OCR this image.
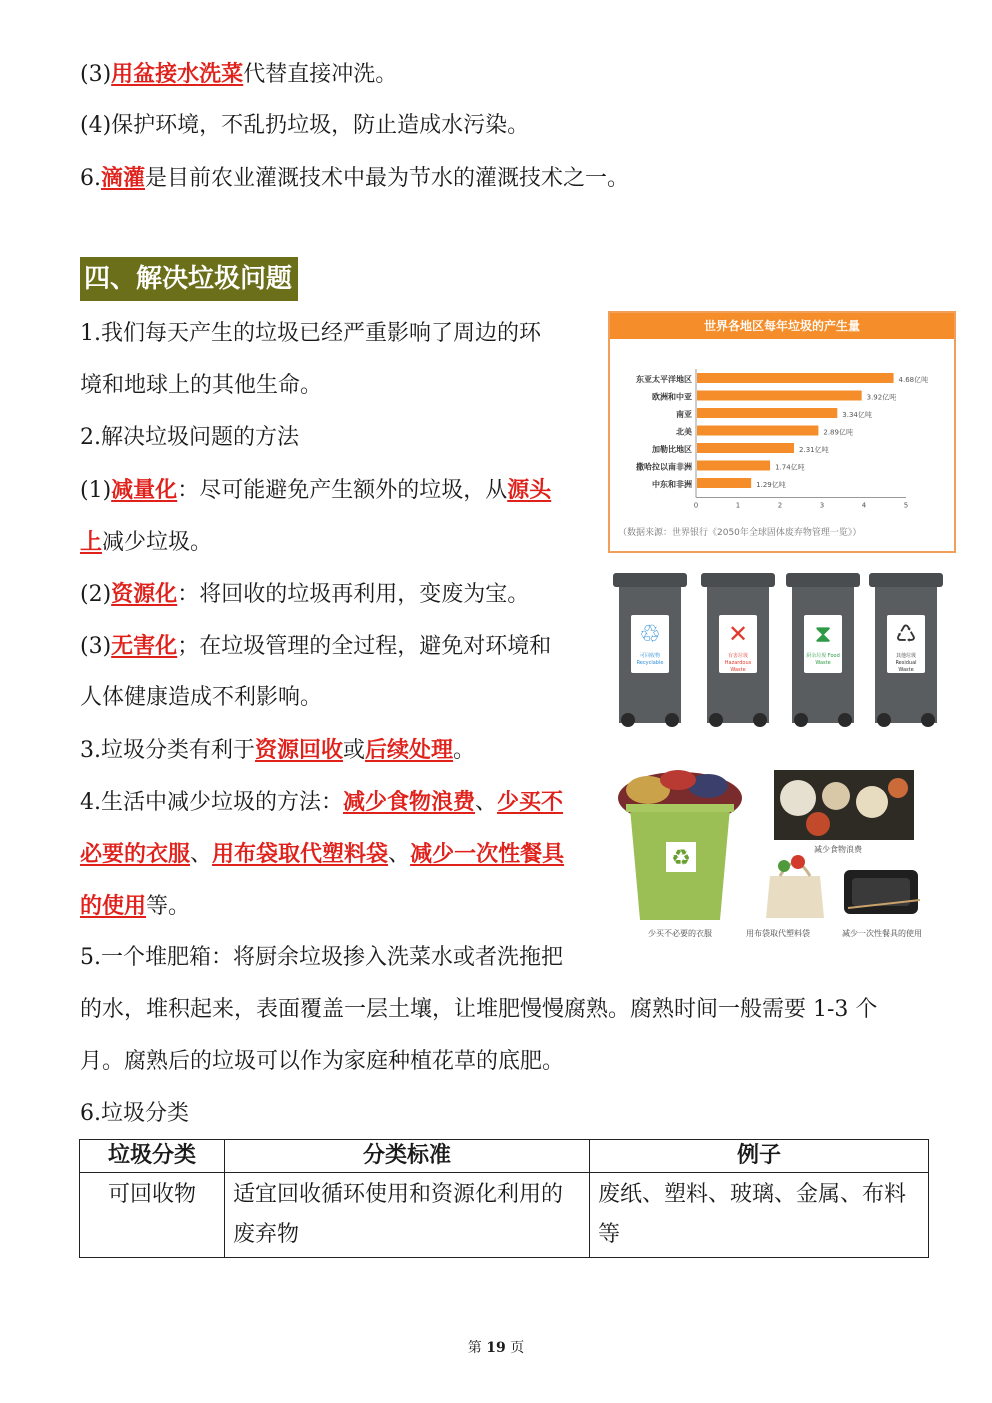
(3)用盆接水洗菜代替直接冲洗。
(4)保护环境，不乱扔垃圾，防止造成水污染。
6.滴灌是目前农业灌溉技术中最为节水的灌溉技术之一。
四、解决垃圾问题
1.我们每天产生的垃圾已经严重影响了周边的环
境和地球上的其他生命。
2.解决垃圾问题的方法
(1)减量化：尽可能避免产生额外的垃圾，从源头
上减少垃圾。
(2)资源化：将回收的垃圾再利用，变废为宝。
(3)无害化；在垃圾管理的全过程，避免对环境和
人体健康造成不利影响。
3.垃圾分类有利于资源回收或后续处理。
4.生活中减少垃圾的方法：减少食物浪费、少买不
必要的衣服、用布袋取代塑料袋、减少一次性餐具
的使用等。
5.一个堆肥箱：将厨余垃圾掺入洗菜水或者洗拖把
的水，堆积起来，表面覆盖一层土壤，让堆肥慢慢腐熟。腐熟时间一般需要 1-3 个
月。腐熟后的垃圾可以作为家庭种植花草的底肥。
6.垃圾分类
世界各地区每年垃圾的产生量
东亚太平洋地区	4.68亿吨
欧洲和中亚	3.92亿吨
南亚	3.34亿吨
北美	2.89亿吨
加勒比地区	2.31亿吨
撒哈拉以南非洲	1.74亿吨
中东和非洲	1.29亿吨
0	1	2	3	4	5
（数据来源：世界银行《2050年全球固体废弃物管理一览》）
♲
可回收物 Recyclable
✕
有害垃圾 Hazardous Waste
⧗
厨余垃圾 Food Waste
♺
其他垃圾 Residual Waste
♻
少买不必要的衣服
减少食物浪费
用布袋取代塑料袋	减少一次性餐具的使用
垃圾分类	分类标准	例子
可回收物	适宜回收循环使用和资源化利用的废弃物	废纸、塑料、玻璃、金属、布料等
第 19 页
